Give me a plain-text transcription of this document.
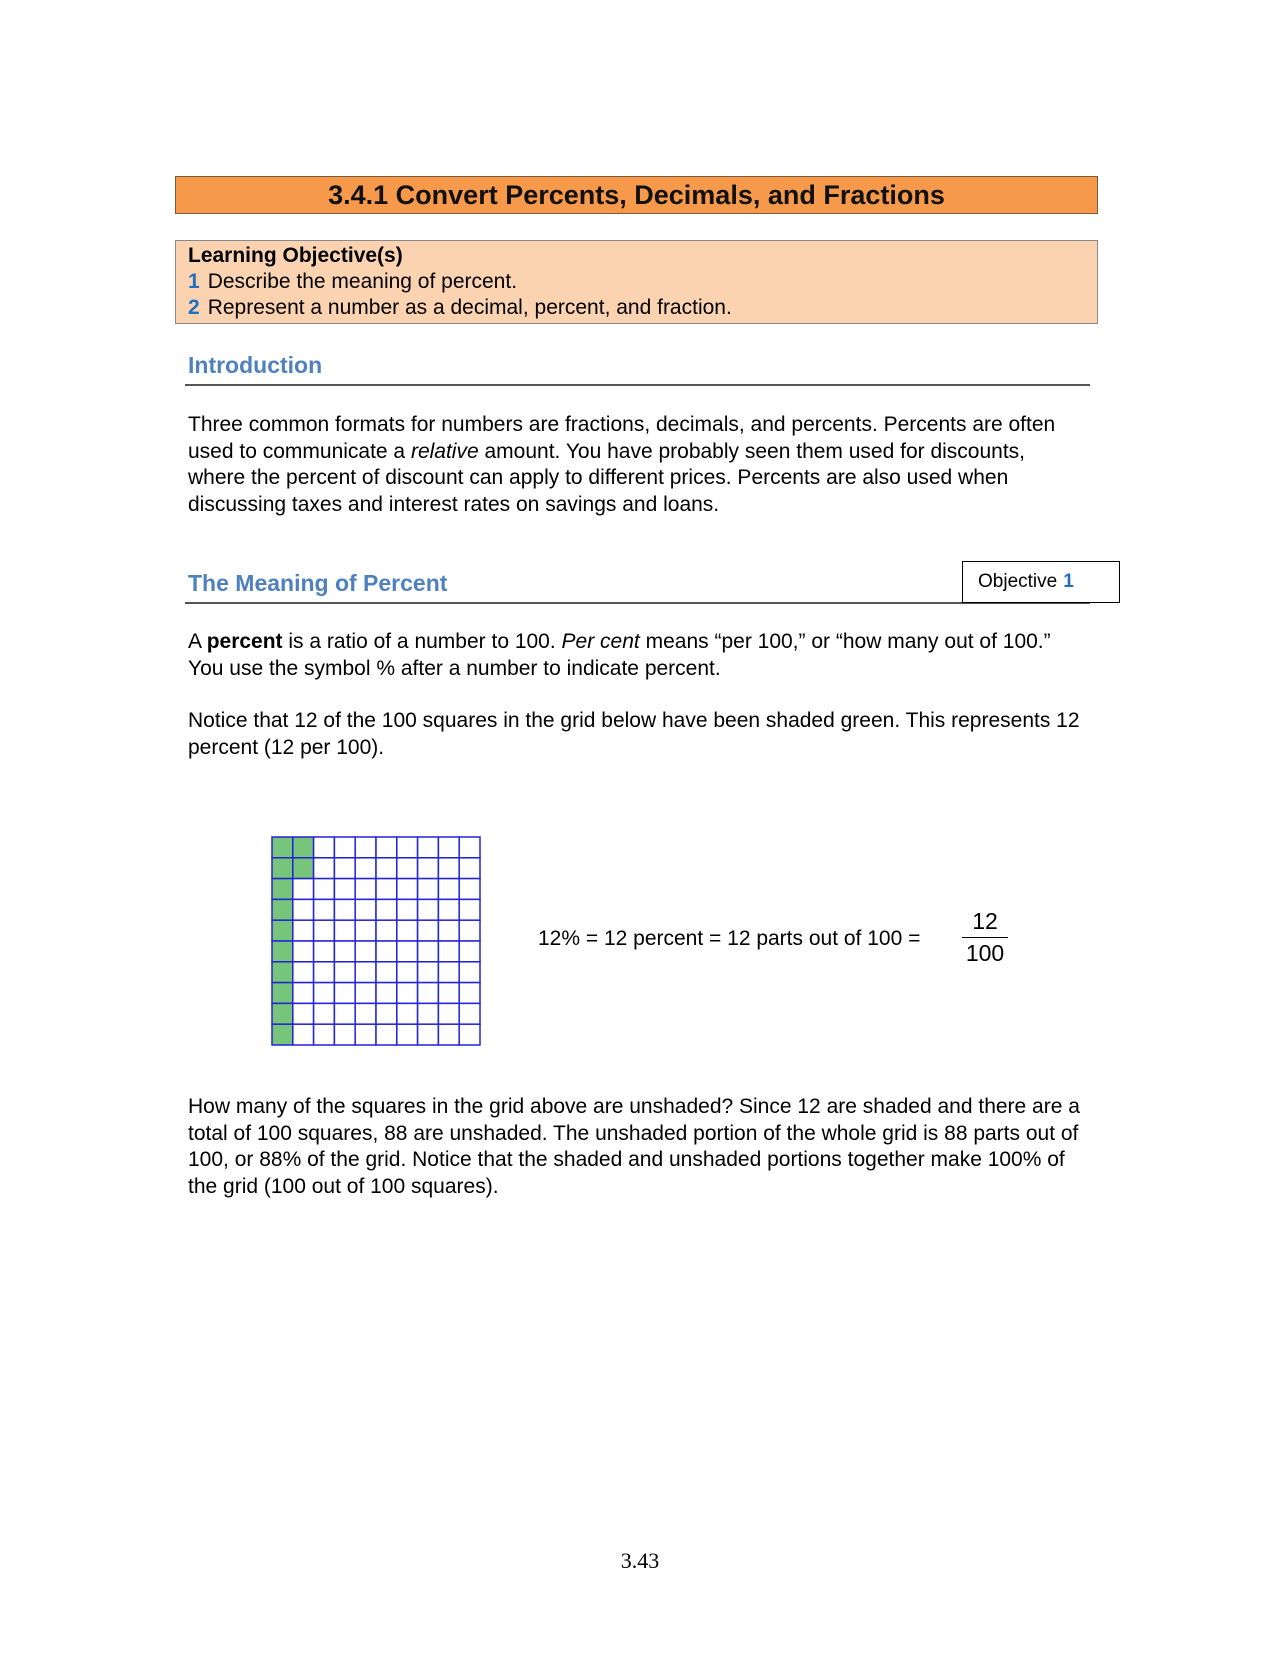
3.4.1 Convert Percents, Decimals, and Fractions
Learning Objective(s)
1 Describe the meaning of percent.
2 Represent a number as a decimal, percent, and fraction.
Introduction
Three common formats for numbers are fractions, decimals, and percents. Percents are often used to communicate a relative amount. You have probably seen them used for discounts, where the percent of discount can apply to different prices. Percents are also used when discussing taxes and interest rates on savings and loans.
The Meaning of Percent	Objective 1
A percent is a ratio of a number to 100. Per cent means “per 100,” or “how many out of 100.” You use the symbol % after a number to indicate percent.
Notice that 12 of the 100 squares in the grid below have been shaded green. This represents 12 percent (12 per 100).
12% = 12 percent = 12 parts out of $100 = \frac{12}{100}$
How many of the squares in the grid above are unshaded? Since 12 are shaded and there are a total of 100 squares, 88 are unshaded. The unshaded portion of the whole grid is 88 parts out of 100, or 88% of the grid. Notice that the shaded and unshaded portions together make 100% of the grid (100 out of 100 squares).
3.43
